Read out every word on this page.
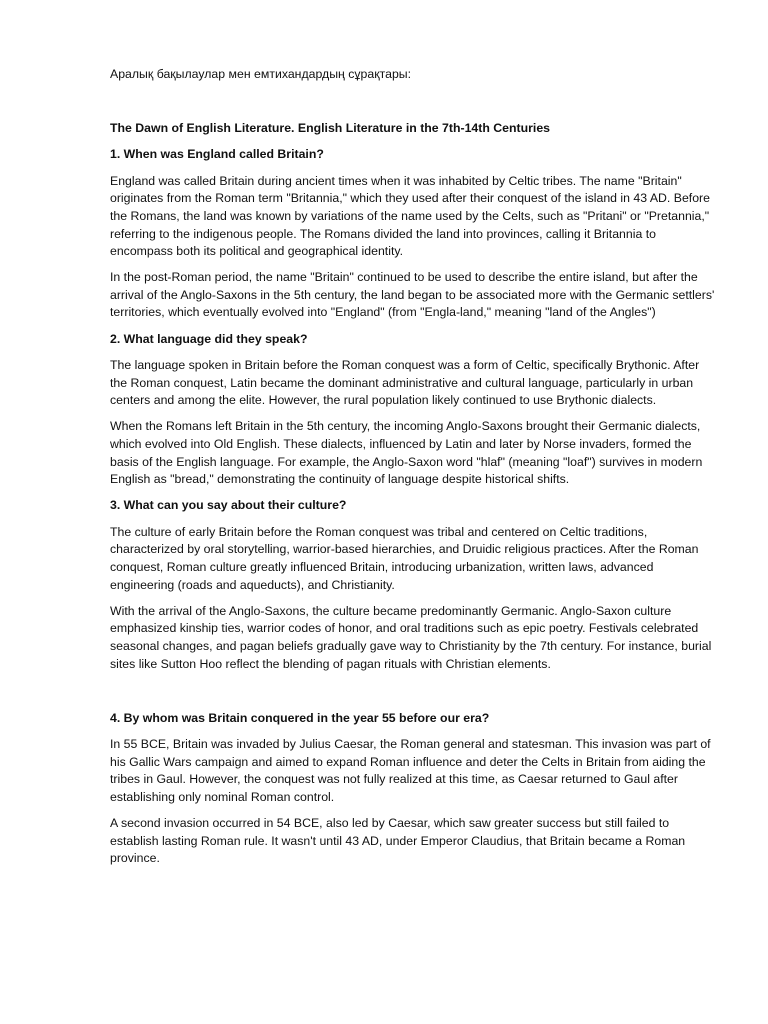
Аралық бақылаулар мен емтихандардың сұрақтары:

The Dawn of English Literature. English Literature in the 7th-14th Centuries

1. When was England called Britain?

England was called Britain during ancient times when it was inhabited by Celtic tribes. The name "Britain" originates from the Roman term "Britannia," which they used after their conquest of the island in 43 AD. Before the Romans, the land was known by variations of the name used by the Celts, such as "Pritani" or "Pretannia," referring to the indigenous people. The Romans divided the land into provinces, calling it Britannia to encompass both its political and geographical identity.

In the post-Roman period, the name "Britain" continued to be used to describe the entire island, but after the arrival of the Anglo-Saxons in the 5th century, the land began to be associated more with the Germanic settlers' territories, which eventually evolved into "England" (from "Engla-land," meaning "land of the Angles")

2. What language did they speak?

The language spoken in Britain before the Roman conquest was a form of Celtic, specifically Brythonic. After the Roman conquest, Latin became the dominant administrative and cultural language, particularly in urban centers and among the elite. However, the rural population likely continued to use Brythonic dialects.

When the Romans left Britain in the 5th century, the incoming Anglo-Saxons brought their Germanic dialects, which evolved into Old English. These dialects, influenced by Latin and later by Norse invaders, formed the basis of the English language. For example, the Anglo-Saxon word "hlaf" (meaning "loaf") survives in modern English as "bread," demonstrating the continuity of language despite historical shifts.

3. What can you say about their culture?

The culture of early Britain before the Roman conquest was tribal and centered on Celtic traditions, characterized by oral storytelling, warrior-based hierarchies, and Druidic religious practices. After the Roman conquest, Roman culture greatly influenced Britain, introducing urbanization, written laws, advanced engineering (roads and aqueducts), and Christianity.

With the arrival of the Anglo-Saxons, the culture became predominantly Germanic. Anglo-Saxon culture emphasized kinship ties, warrior codes of honor, and oral traditions such as epic poetry. Festivals celebrated seasonal changes, and pagan beliefs gradually gave way to Christianity by the 7th century. For instance, burial sites like Sutton Hoo reflect the blending of pagan rituals with Christian elements.

4. By whom was Britain conquered in the year 55 before our era?

In 55 BCE, Britain was invaded by Julius Caesar, the Roman general and statesman. This invasion was part of his Gallic Wars campaign and aimed to expand Roman influence and deter the Celts in Britain from aiding the tribes in Gaul. However, the conquest was not fully realized at this time, as Caesar returned to Gaul after establishing only nominal Roman control.

A second invasion occurred in 54 BCE, also led by Caesar, which saw greater success but still failed to establish lasting Roman rule. It wasn't until 43 AD, under Emperor Claudius, that Britain became a Roman province.
